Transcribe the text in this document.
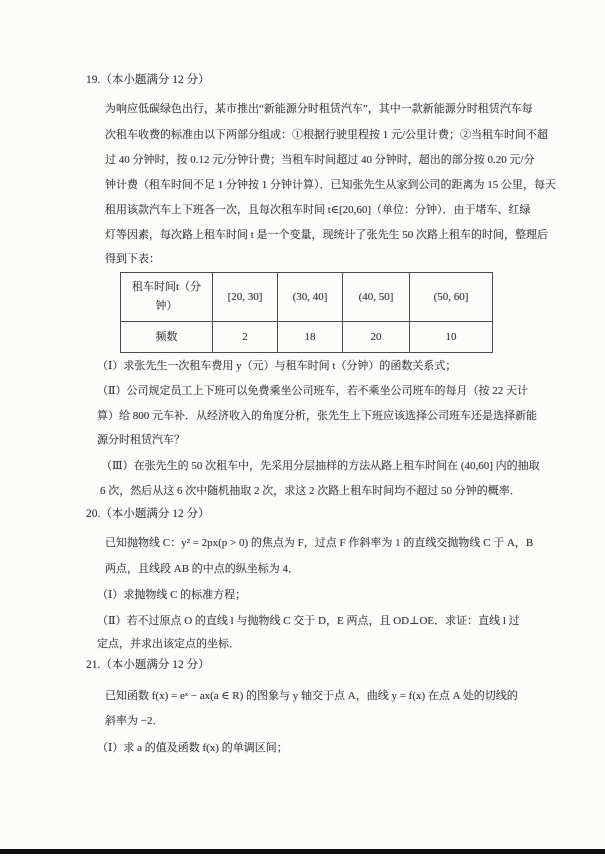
19.（本小题满分 12 分）
为响应低碳绿色出行，某市推出“新能源分时租赁汽车”，其中一款新能源分时租赁汽车每
次租车收费的标准由以下两部分组成：①根据行驶里程按 1 元/公里计费；②当租车时间不超
过 40 分钟时，按 0.12 元/分钟计费；当租车时间超过 40 分钟时，超出的部分按 0.20 元/分
钟计费（租车时间不足 1 分钟按 1 分钟计算）．已知张先生从家到公司的距离为 15 公里，每天
租用该款汽车上下班各一次，且每次租车时间 t∈[20,60]（单位：分钟）．由于堵车、红绿
灯等因素，每次路上租车时间 t 是一个变量，现统计了张先生 50 次路上租车的时间，整理后
得到下表：
租车时间t（分钟）	[20, 30]	(30, 40]	(40, 50]	(50, 60]
频数	2	18	20	10
（Ⅰ）求张先生一次租车费用 y（元）与租车时间 t（分钟）的函数关系式；
（Ⅱ）公司规定员工上下班可以免费乘坐公司班车，若不乘坐公司班车的每月（按 22 天计
算）给 800 元车补．从经济收入的角度分析，张先生上下班应该选择公司班车还是选择新能
源分时租赁汽车？
（Ⅲ）在张先生的 50 次租车中，先采用分层抽样的方法从路上租车时间在 (40,60] 内的抽取
6 次，然后从这 6 次中随机抽取 2 次，求这 2 次路上租车时间均不超过 50 分钟的概率．
20.（本小题满分 12 分）
已知抛物线 C：y² = 2px(p > 0) 的焦点为 F，过点 F 作斜率为 1 的直线交抛物线 C 于 A，B
两点，且线段 AB 的中点的纵坐标为 4．
（Ⅰ）求抛物线 C 的标准方程；
（Ⅱ）若不过原点 O 的直线 l 与抛物线 C 交于 D，E 两点，且 OD⊥OE．求证：直线 l 过
定点，并求出该定点的坐标．
21.（本小题满分 12 分）
已知函数 f(x) = eˣ − ax(a ∈ R) 的图象与 y 轴交于点 A，曲线 y = f(x) 在点 A 处的切线的
斜率为 −2．
（Ⅰ）求 a 的值及函数 f(x) 的单调区间；
